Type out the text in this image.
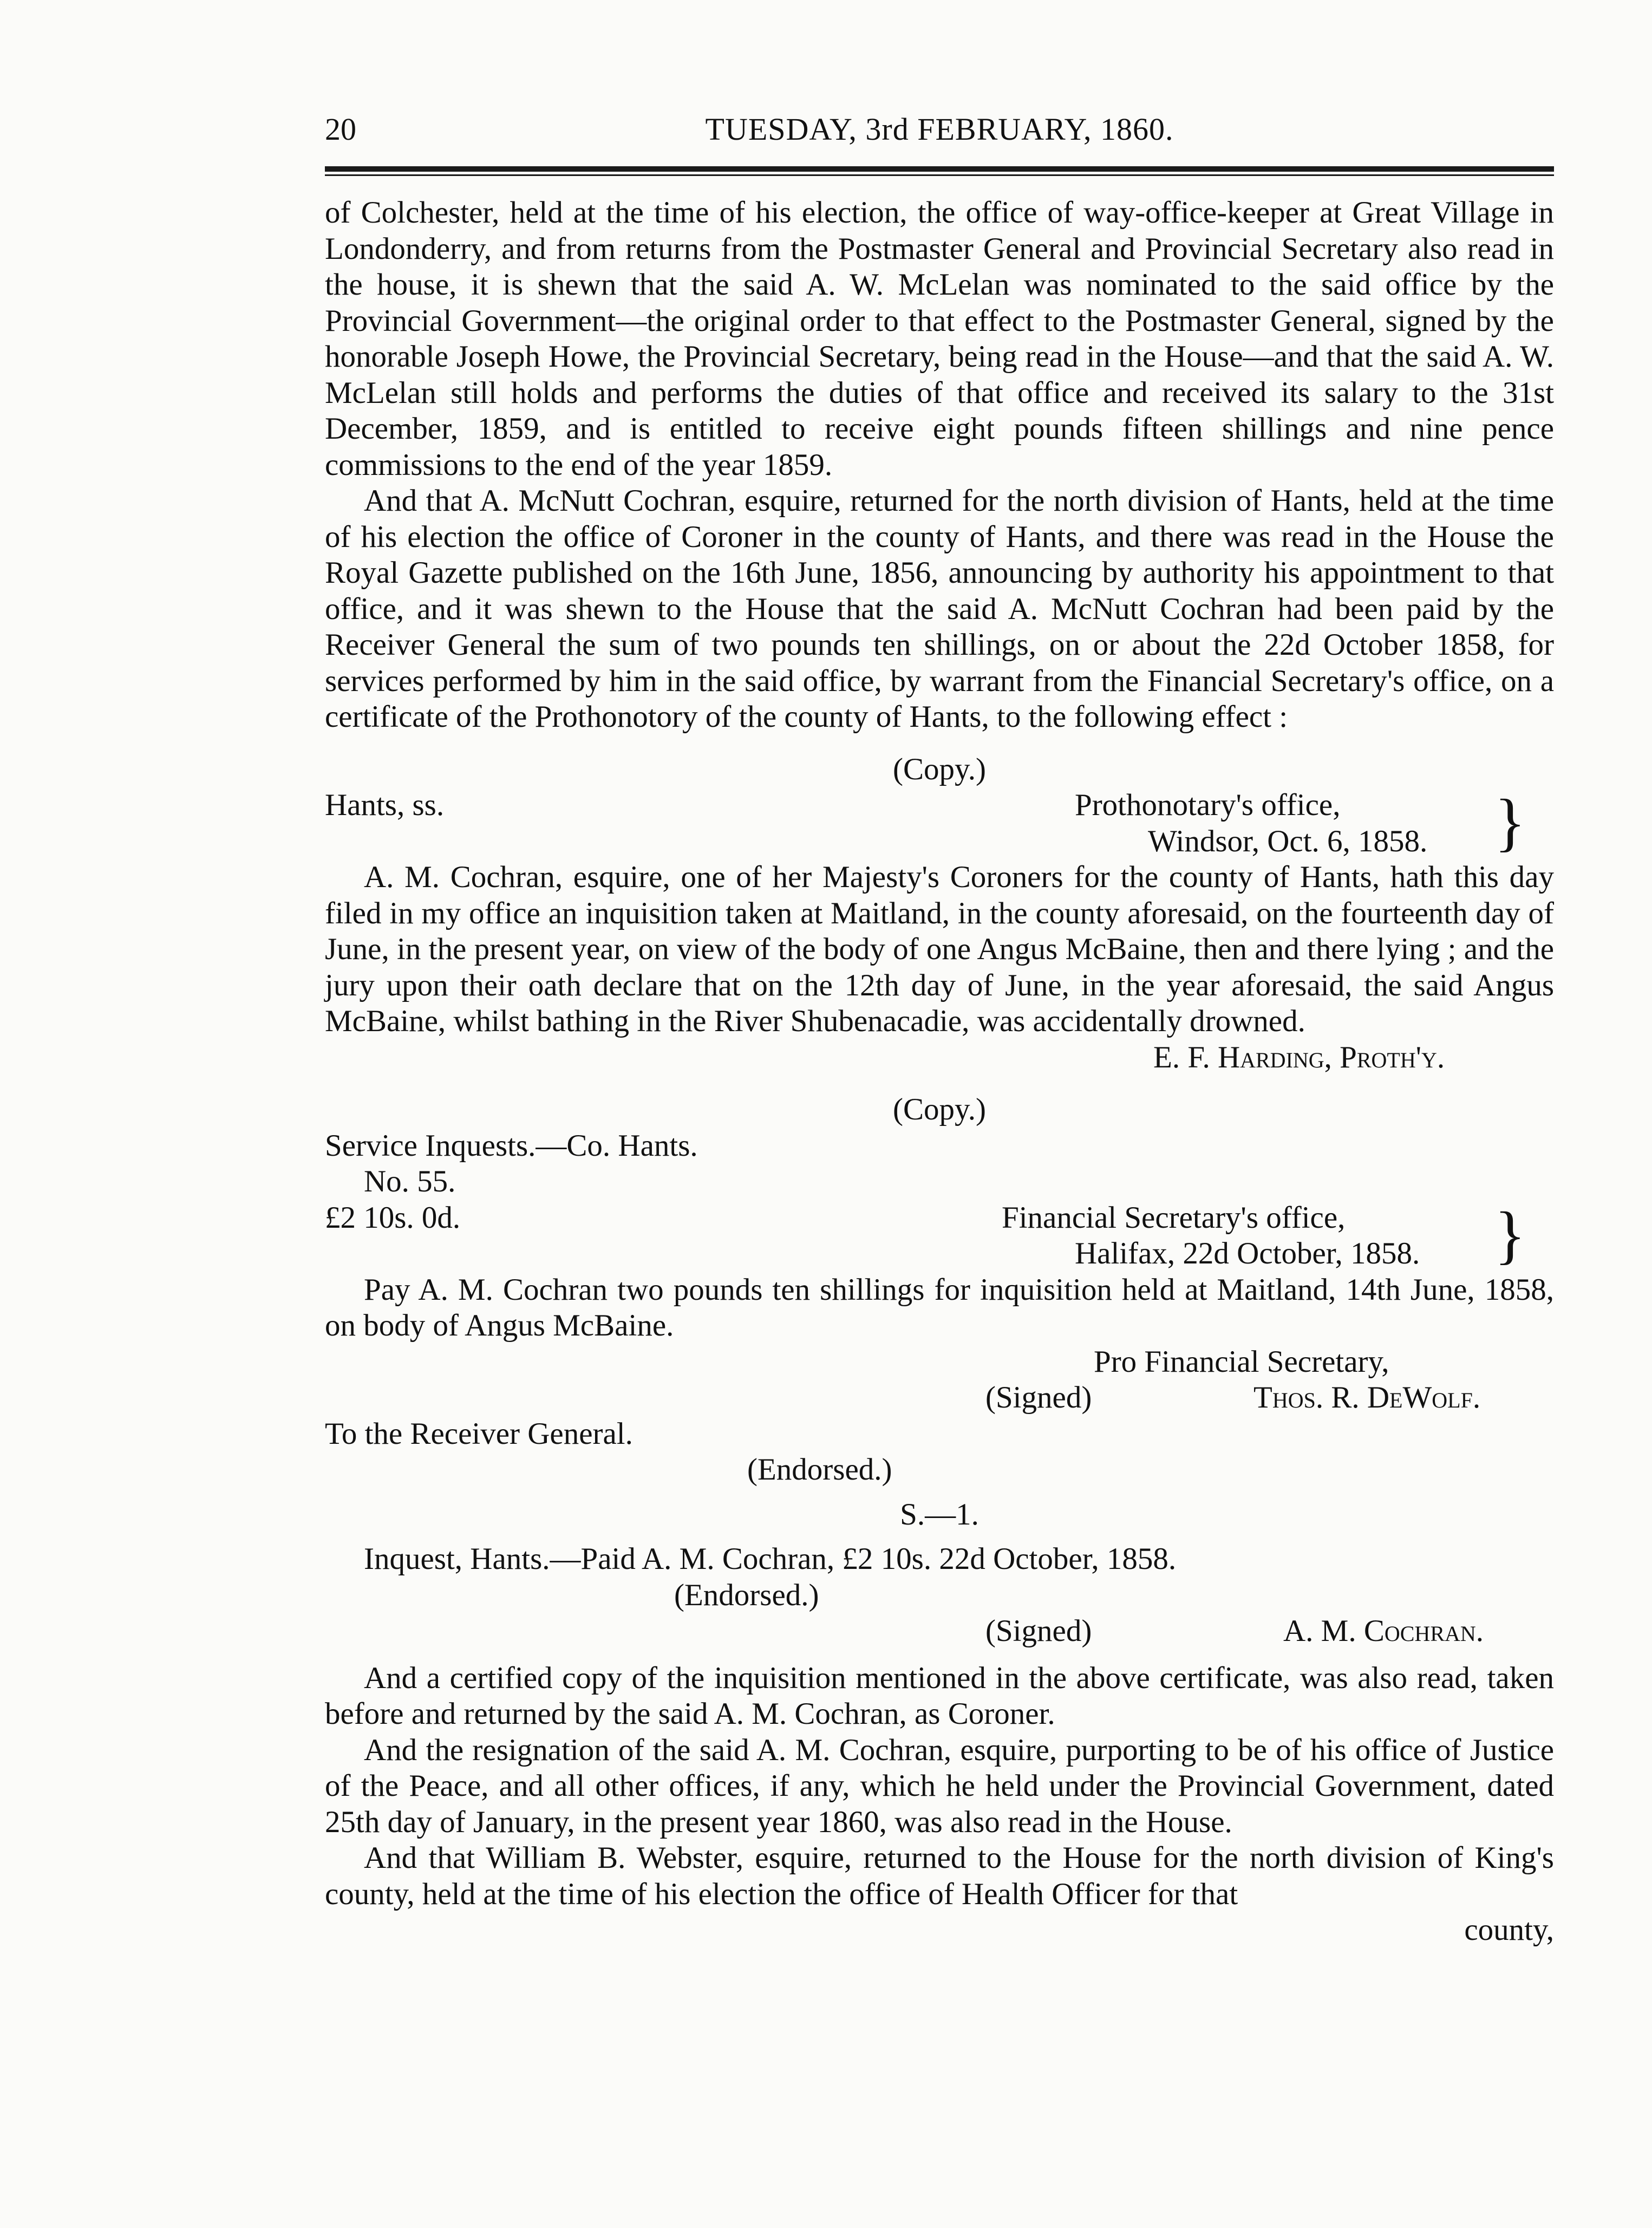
20	TUESDAY, 3rd FEBRUARY, 1860.

of Colchester, held at the time of his election, the office of way-office-keeper at Great Village in Londonderry, and from returns from the Postmaster General and Provincial Secretary also read in the house, it is shewn that the said A. W. McLelan was nominated to the said office by the Provincial Government—the original order to that effect to the Postmaster General, signed by the honorable Joseph Howe, the Provincial Secretary, being read in the House—and that the said A. W. McLelan still holds and performs the duties of that office and received its salary to the 31st December, 1859, and is entitled to receive eight pounds fifteen shillings and nine pence commissions to the end of the year 1859.

And that A. McNutt Cochran, esquire, returned for the north division of Hants, held at the time of his election the office of Coroner in the county of Hants, and there was read in the House the Royal Gazette published on the 16th June, 1856, announcing by authority his appointment to that office, and it was shewn to the House that the said A. McNutt Cochran had been paid by the Receiver General the sum of two pounds ten shillings, on or about the 22d October 1858, for services performed by him in the said office, by warrant from the Financial Secretary's office, on a certificate of the Prothonotory of the county of Hants, to the following effect :

(Copy.)
Hants, ss.	Prothonotary's office, }
Windsor, Oct. 6, 1858.

A. M. Cochran, esquire, one of her Majesty's Coroners for the county of Hants, hath this day filed in my office an inquisition taken at Maitland, in the county aforesaid, on the fourteenth day of June, in the present year, on view of the body of one Angus McBaine, then and there lying ; and the jury upon their oath declare that on the 12th day of June, in the year aforesaid, the said Angus McBaine, whilst bathing in the River Shubenacadie, was accidentally drowned.

E. F. Harding, Proth'y.
(Copy.)
Service Inquests.—Co. Hants.
No. 55.
£2 10s. 0d.	Financial Secretary's office, }
Halifax, 22d October, 1858.

Pay A. M. Cochran two pounds ten shillings for inquisition held at Maitland, 14th June, 1858, on body of Angus McBaine.

Pro Financial Secretary,
(Signed)	Thos. R. DeWolf.
To the Receiver General.
(Endorsed.)
S.—1.
Inquest, Hants.—Paid A. M. Cochran, £2 10s. 22d October, 1858.
(Endorsed.)
(Signed)	A. M. Cochran.

And a certified copy of the inquisition mentioned in the above certificate, was also read, taken before and returned by the said A. M. Cochran, as Coroner.

And the resignation of the said A. M. Cochran, esquire, purporting to be of his office of Justice of the Peace, and all other offices, if any, which he held under the Provincial Government, dated 25th day of January, in the present year 1860, was also read in the House.

And that William B. Webster, esquire, returned to the House for the north division of King's county, held at the time of his election the office of Health Officer for that

county,
